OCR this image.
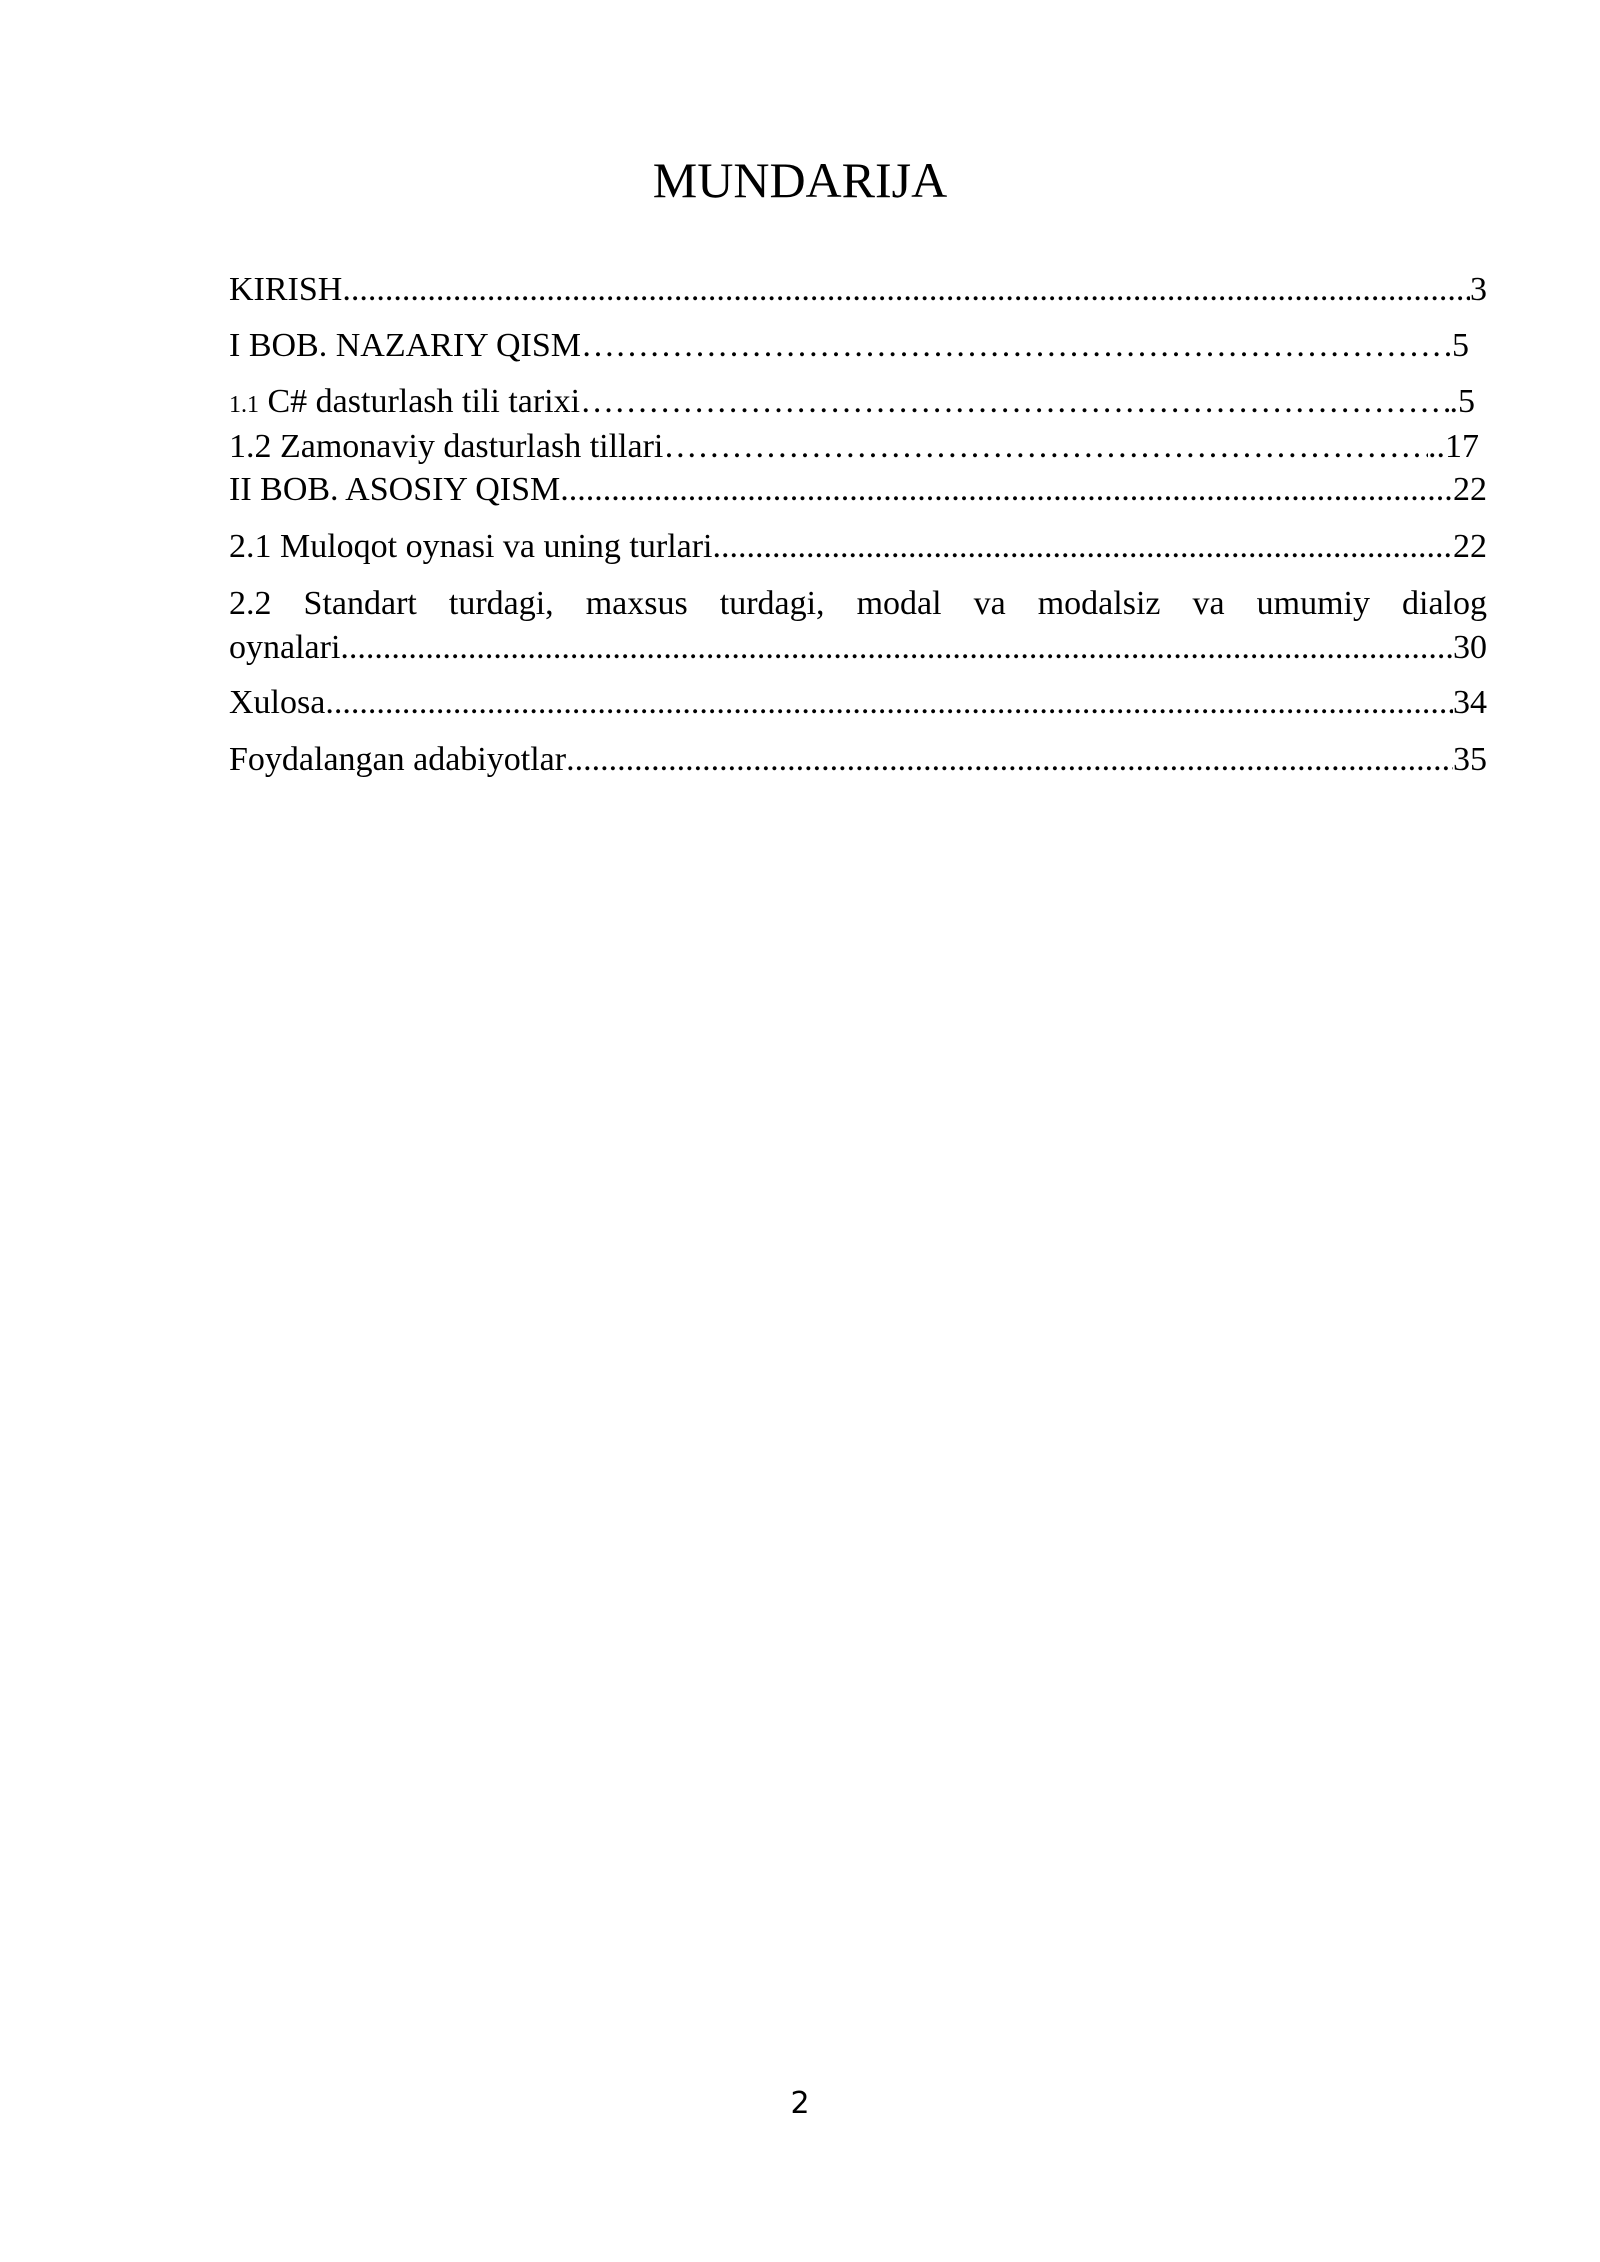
MUNDARIJA
KIRISH .....	3
I BOB. NAZARIY QISM ……………………………………………………………………………………………………………………………………………………………………………………	5
1.1 C# dasturlash tili tarixi ……………………………………………………………………………………………………………………………………………………………………………………	.5
1.2 Zamonaviy dasturlash tillari ……………………………………………………………………………………………………………………………………………………………………………………	..17
II BOB. ASOSIY QISM .....	22
2.1 Muloqot oynasi va uning turlari .....	22
2.2 Standart turdagi, maxsus turdagi, modal va modalsiz va umumiy dialog
oynalari .....	30
Xulosa .....	34
Foydalangan adabiyotlar .....	35
2
